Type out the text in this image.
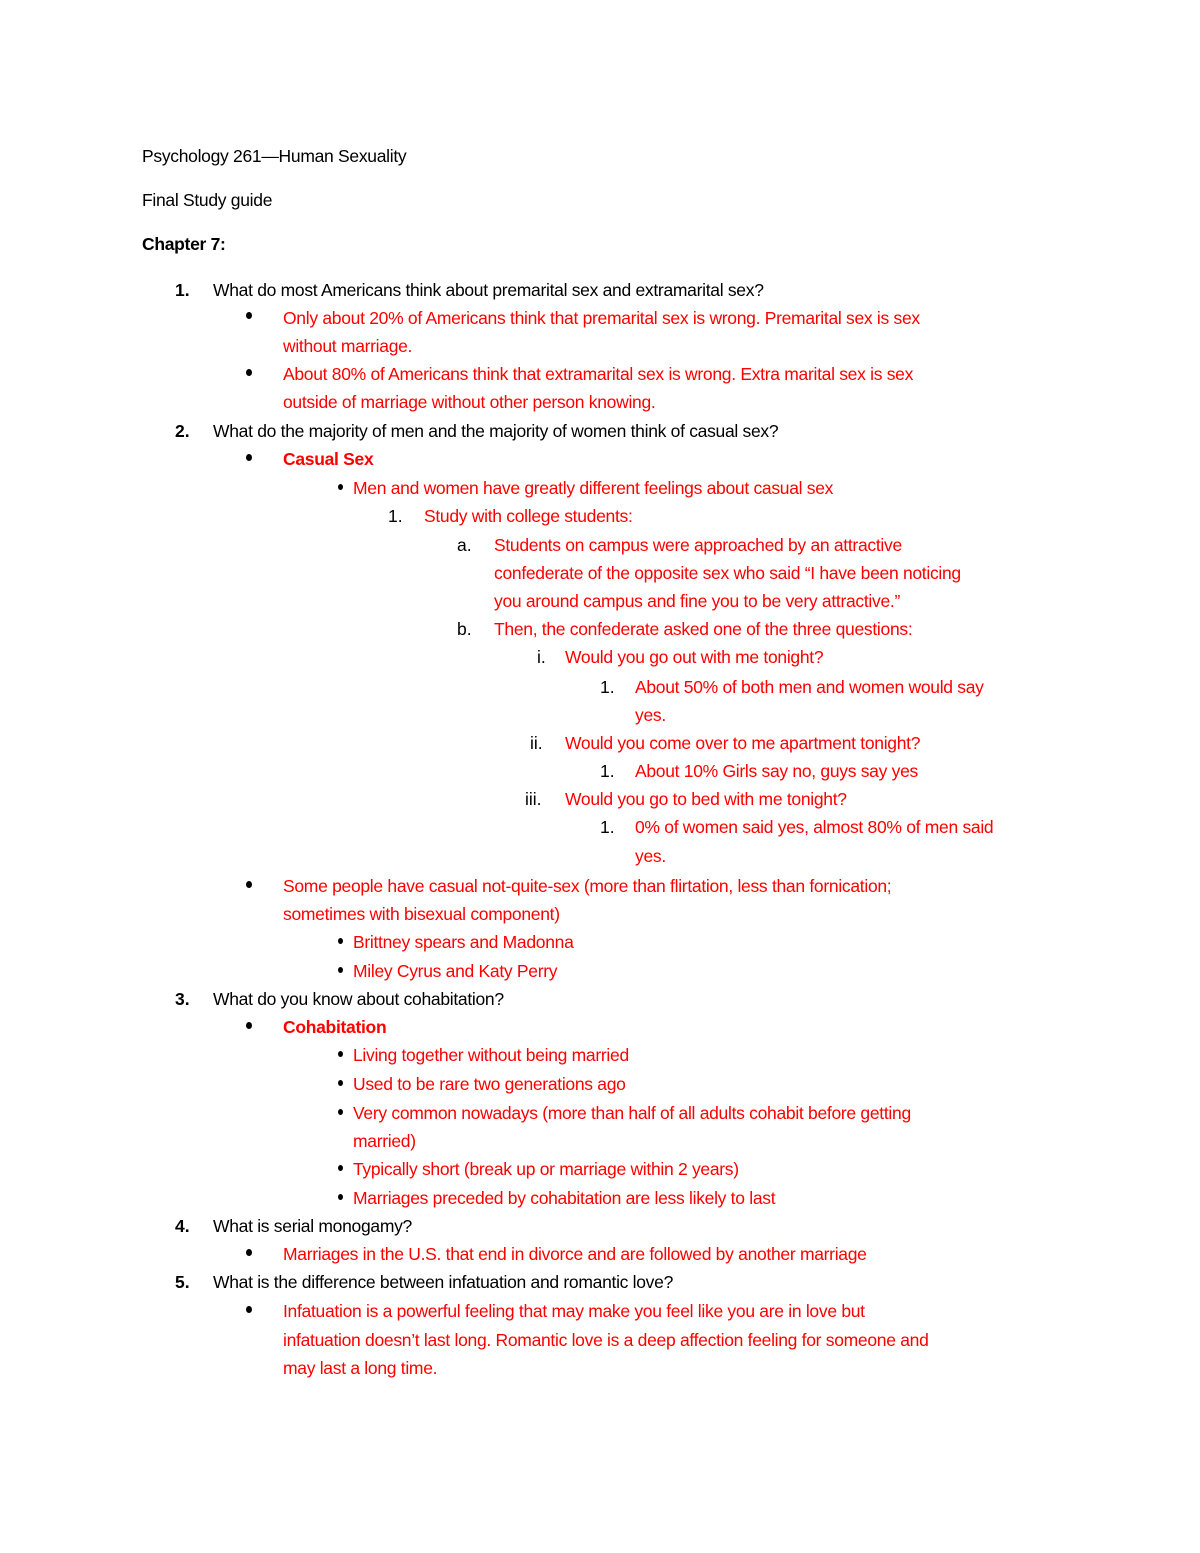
Psychology 261—Human Sexuality
Final Study guide
Chapter 7:
1. What do most Americans think about premarital sex and extramarital sex?
Only about 20% of Americans think that premarital sex is wrong. Premarital sex is sex
without marriage.
About 80% of Americans think that extramarital sex is wrong. Extra marital sex is sex
outside of marriage without other person knowing.
2. What do the majority of men and the majority of women think of casual sex?
Casual Sex
Men and women have greatly different feelings about casual sex
1. Study with college students:
a. Students on campus were approached by an attractive
confederate of the opposite sex who said “I have been noticing
you around campus and fine you to be very attractive.”
b. Then, the confederate asked one of the three questions:
i. Would you go out with me tonight?
1. About 50% of both men and women would say
yes.
ii. Would you come over to me apartment tonight?
1. About 10% Girls say no, guys say yes
iii. Would you go to bed with me tonight?
1. 0% of women said yes, almost 80% of men said
yes.
Some people have casual not-quite-sex (more than flirtation, less than fornication;
sometimes with bisexual component)
Brittney spears and Madonna
Miley Cyrus and Katy Perry
3. What do you know about cohabitation?
Cohabitation
Living together without being married
Used to be rare two generations ago
Very common nowadays (more than half of all adults cohabit before getting
married)
Typically short (break up or marriage within 2 years)
Marriages preceded by cohabitation are less likely to last
4. What is serial monogamy?
Marriages in the U.S. that end in divorce and are followed by another marriage
5. What is the difference between infatuation and romantic love?
Infatuation is a powerful feeling that may make you feel like you are in love but
infatuation doesn’t last long. Romantic love is a deep affection feeling for someone and
may last a long time.
